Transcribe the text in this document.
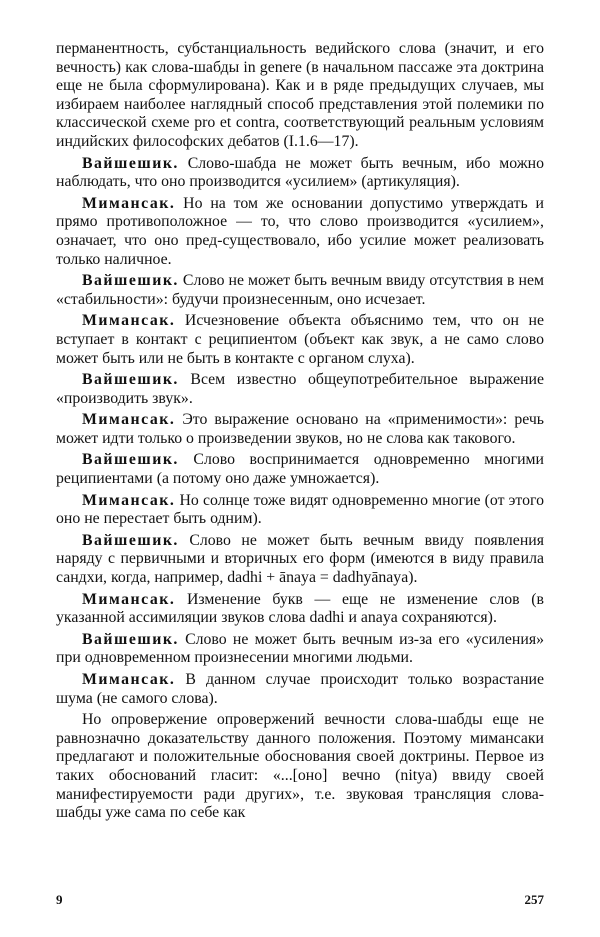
перманентность, субстанциальность ведийского слова (значит, и его вечность) как слова-шабды in genere (в начальном пассаже эта доктрина еще не была сформулирована). Как и в ряде предыдущих случаев, мы избираем наиболее наглядный способ представления этой полемики по классической схеме pro et contra, соответствующий реальным условиям индийских философских дебатов (I.1.6—17).

Вайшешик. Слово-шабда не может быть вечным, ибо можно наблюдать, что оно производится «усилием» (артикуляция).

Мимансак. Но на том же основании допустимо утверждать и прямо противоположное — то, что слово производится «усилием», означает, что оно пред-существовало, ибо усилие может реализовать только наличное.

Вайшешик. Слово не может быть вечным ввиду отсутствия в нем «стабильности»: будучи произнесенным, оно исчезает.

Мимансак. Исчезновение объекта объяснимо тем, что он не вступает в контакт с реципиентом (объект как звук, а не само слово может быть или не быть в контакте с органом слуха).

Вайшешик. Всем известно общеупотребительное выражение «производить звук».

Мимансак. Это выражение основано на «применимости»: речь может идти только о произведении звуков, но не слова как такового.

Вайшешик. Слово воспринимается одновременно многими реципиентами (а потому оно даже умножается).

Мимансак. Но солнце тоже видят одновременно многие (от этого оно не перестает быть одним).

Вайшешик. Слово не может быть вечным ввиду появления наряду с первичными и вторичных его форм (имеются в виду правила сандхи, когда, например, dadhi + ānaya = dadhyānaya).

Мимансак. Изменение букв — еще не изменение слов (в указанной ассимиляции звуков слова dadhi и anaya сохраняются).

Вайшешик. Слово не может быть вечным из-за его «усиления» при одновременном произнесении многими людьми.

Мимансак. В данном случае происходит только возрастание шума (не самого слова).

Но опровержение опровержений вечности слова-шабды еще не равнозначно доказательству данного положения. Поэтому мимансаки предлагают и положительные обоснования своей доктрины. Первое из таких обоснований гласит: «...[оно] вечно (nitya) ввиду своей манифестируемости ради других», т.е. звуковая трансляция слова-шабды уже сама по себе как

9	257
